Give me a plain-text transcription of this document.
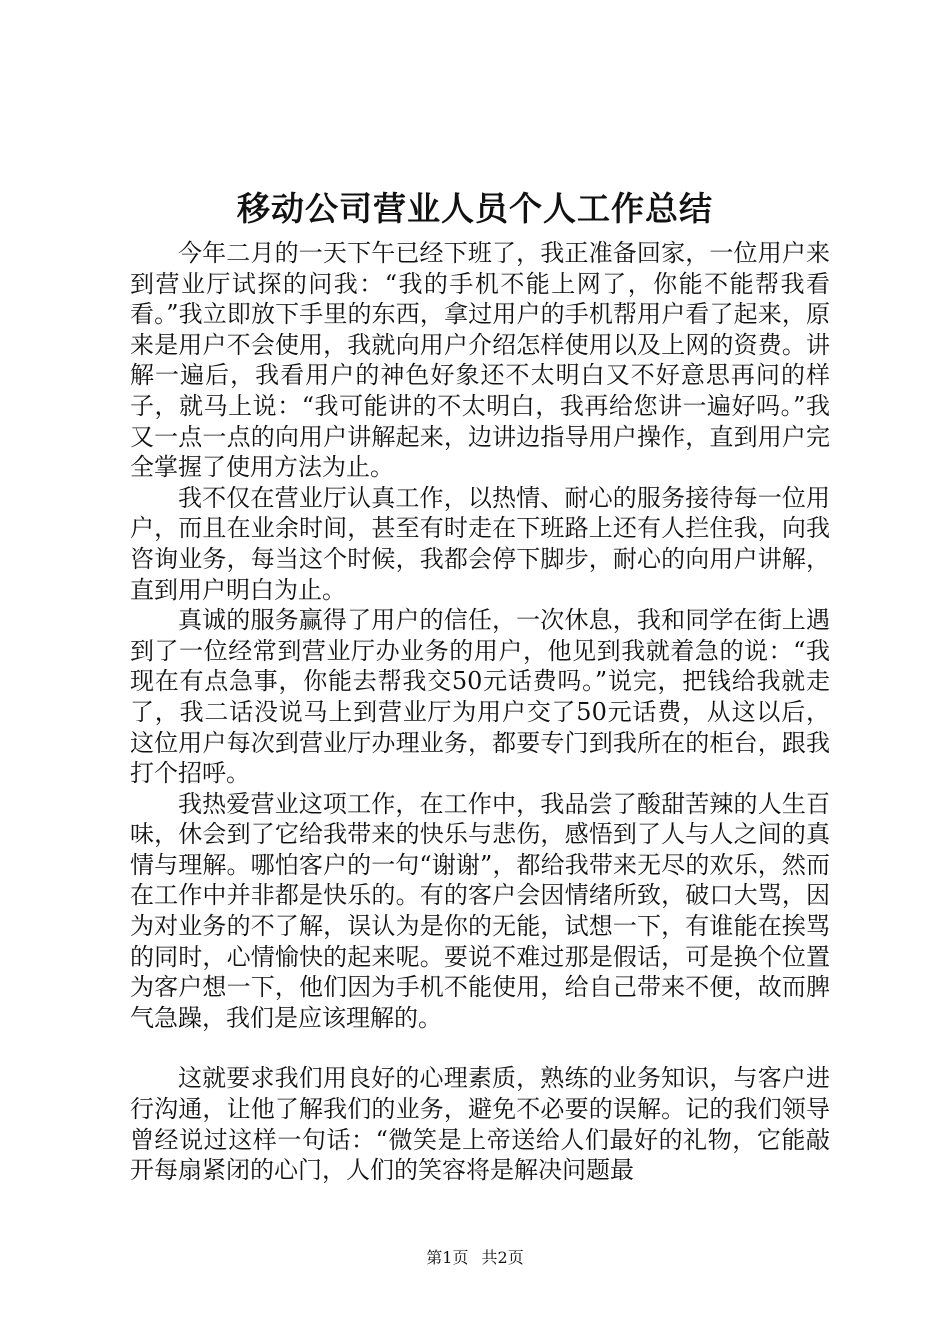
移动公司营业人员个人工作总结

今年二月的一天下午已经下班了，我正准备回家，一位用户来到营业厅试探的问我：“我的手机不能上网了，你能不能帮我看看。”我立即放下手里的东西，拿过用户的手机帮用户看了起来，原来是用户不会使用，我就向用户介绍怎样使用以及上网的资费。讲解一遍后，我看用户的神色好象还不太明白又不好意思再问的样子，就马上说：“我可能讲的不太明白，我再给您讲一遍好吗。”我又一点一点的向用户讲解起来，边讲边指导用户操作，直到用户完全掌握了使用方法为止。

我不仅在营业厅认真工作，以热情、耐心的服务接待每一位用户，而且在业余时间，甚至有时走在下班路上还有人拦住我，向我咨询业务，每当这个时候，我都会停下脚步，耐心的向用户讲解，直到用户明白为止。

真诚的服务赢得了用户的信任，一次休息，我和同学在街上遇到了一位经常到营业厅办业务的用户，他见到我就着急的说：“我现在有点急事，你能去帮我交50元话费吗。”说完，把钱给我就走了，我二话没说马上到营业厅为用户交了50元话费，从这以后，这位用户每次到营业厅办理业务，都要专门到我所在的柜台，跟我打个招呼。

我热爱营业这项工作，在工作中，我品尝了酸甜苦辣的人生百味，休会到了它给我带来的快乐与悲伤，感悟到了人与人之间的真情与理解。哪怕客户的一句“谢谢”，都给我带来无尽的欢乐，然而在工作中并非都是快乐的。有的客户会因情绪所致，破口大骂，因为对业务的不了解，误认为是你的无能，试想一下，有谁能在挨骂的同时，心情愉快的起来呢。要说不难过那是假话，可是换个位置为客户想一下，他们因为手机不能使用，给自己带来不便，故而脾气急躁，我们是应该理解的。

这就要求我们用良好的心理素质，熟练的业务知识，与客户进行沟通，让他了解我们的业务，避免不必要的误解。记的我们领导曾经说过这样一句话：“微笑是上帝送给人们最好的礼物，它能敲开每扇紧闭的心门，人们的笑容将是解决问题最

第1页 共2页
